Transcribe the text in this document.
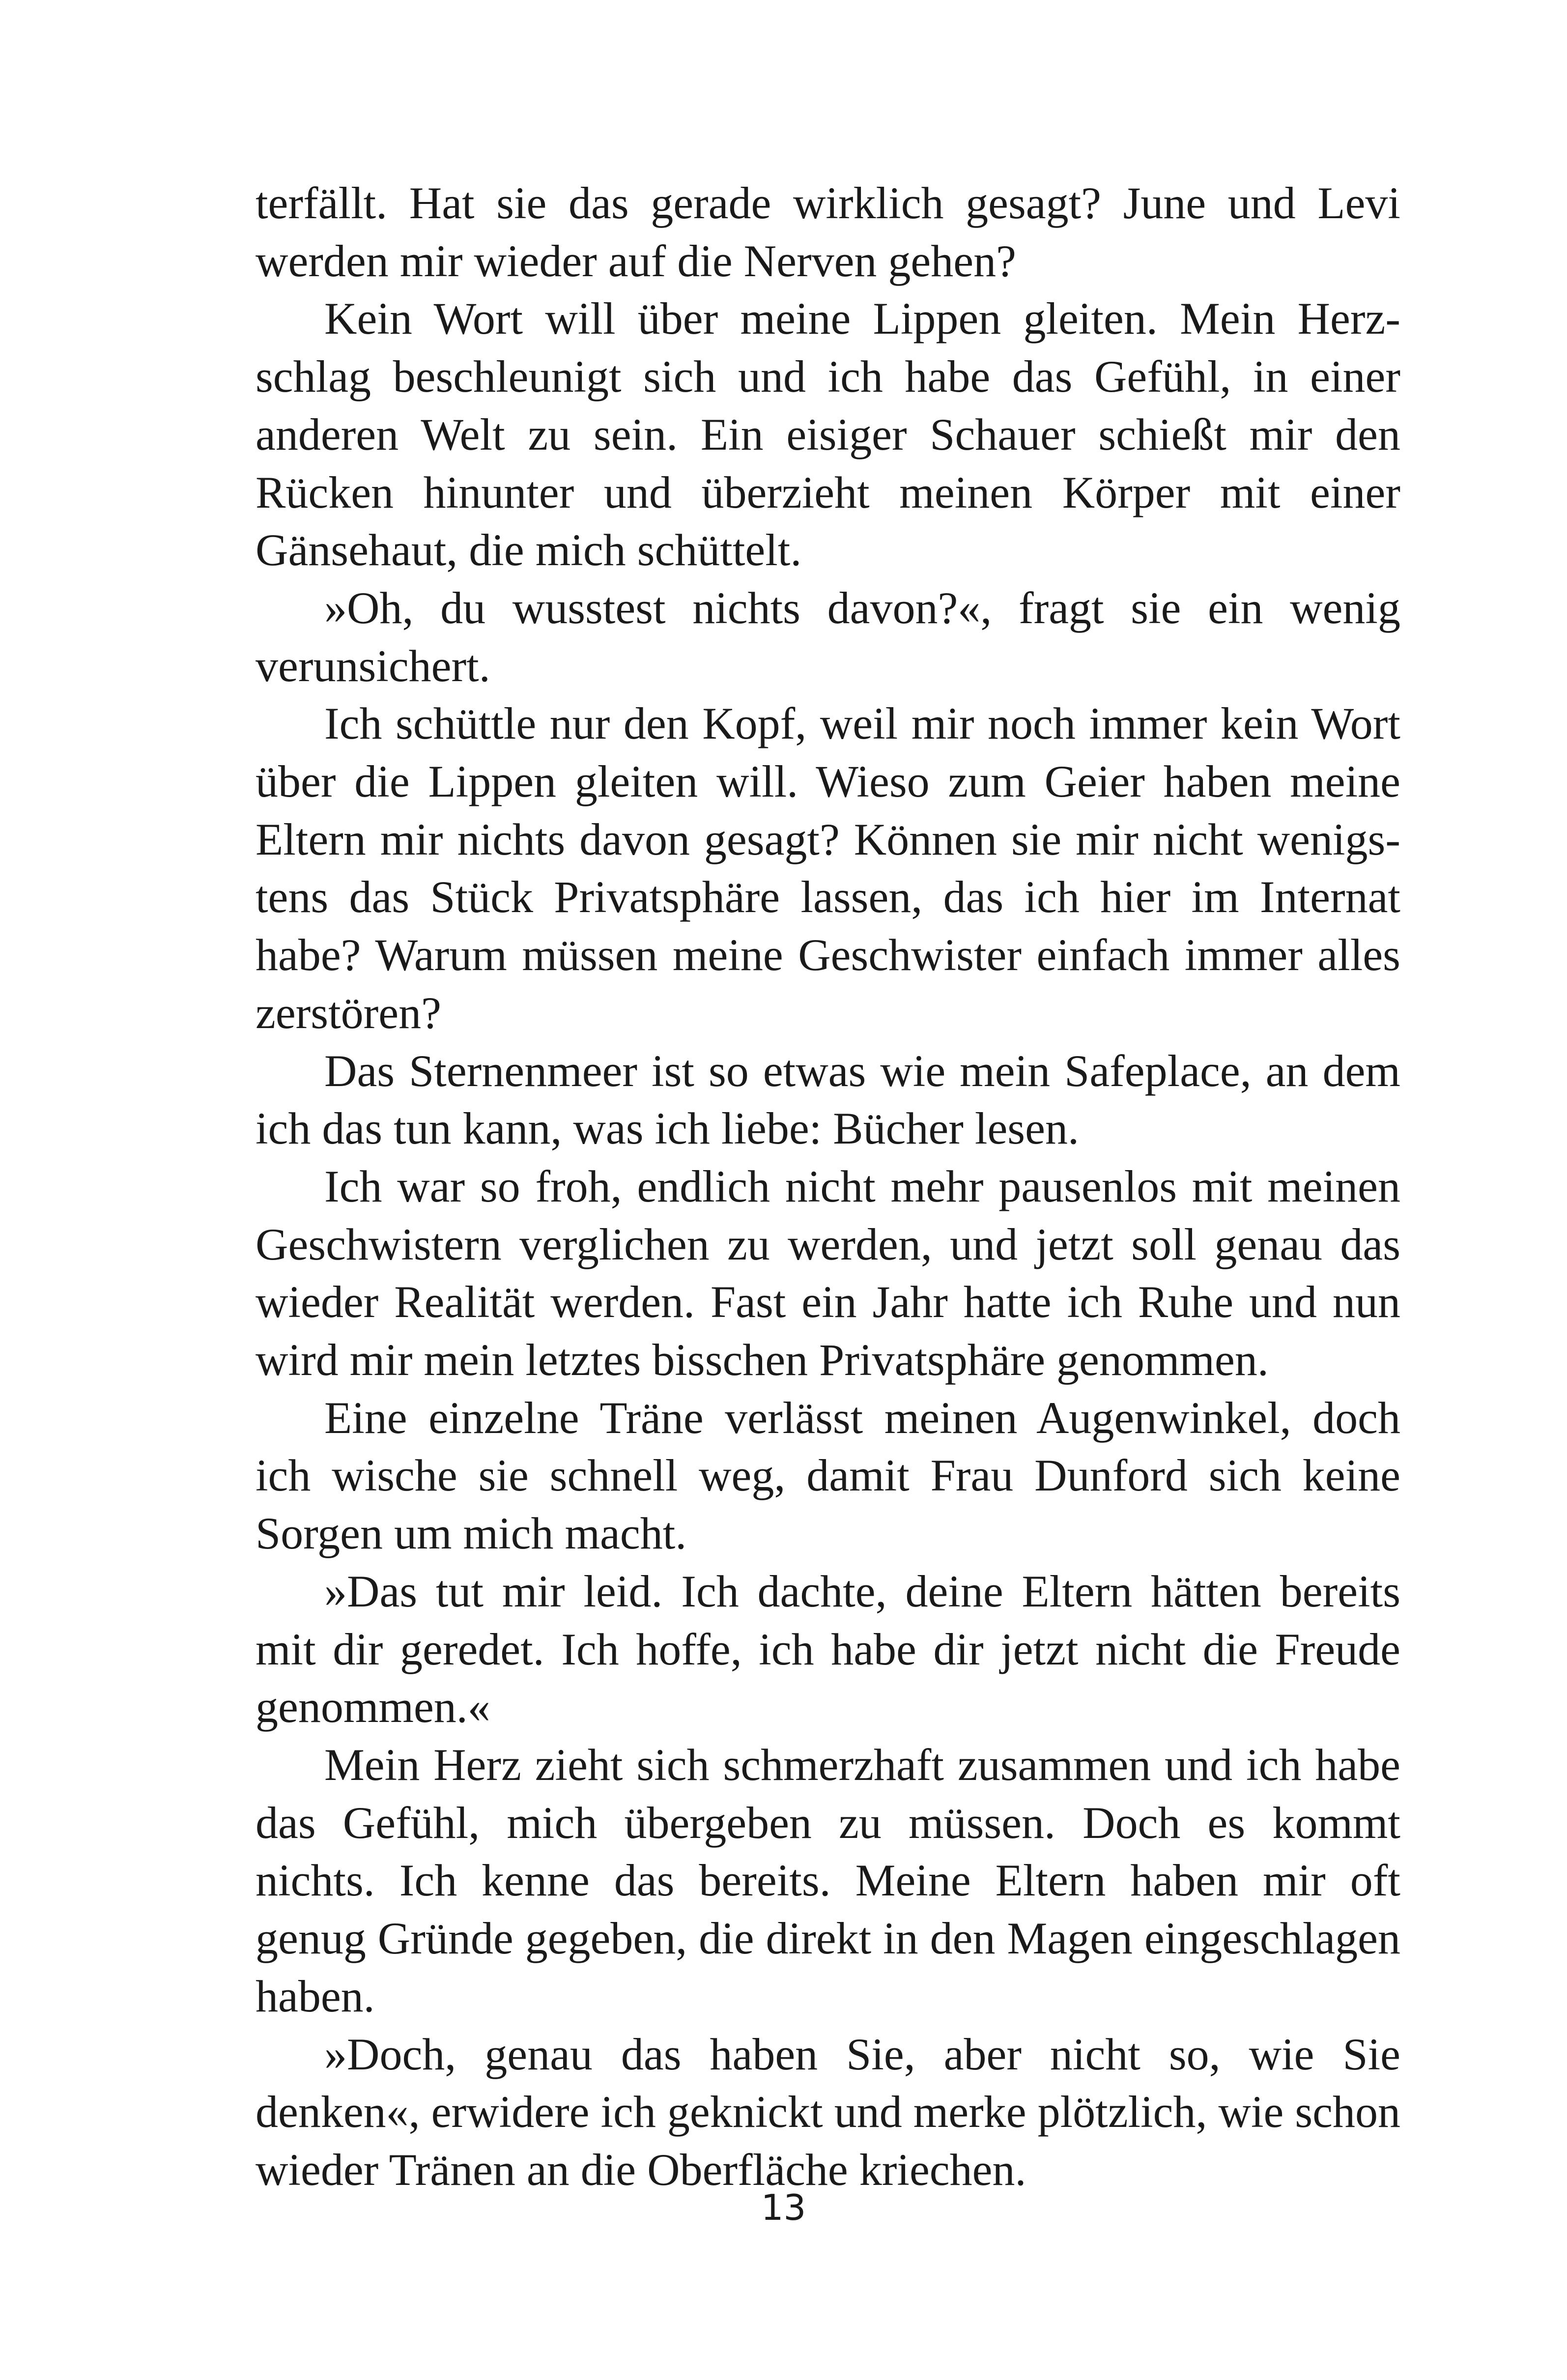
terfällt. Hat sie das gerade wirklich gesagt? June und Levi werden mir wieder auf die Nerven gehen?

Kein Wort will über meine Lippen gleiten. Mein Herzschlag beschleunigt sich und ich habe das Gefühl, in einer anderen Welt zu sein. Ein eisiger Schauer schießt mir den Rücken hinunter und überzieht meinen Körper mit einer Gänsehaut, die mich schüttelt.

»Oh, du wusstest nichts davon?«, fragt sie ein wenig verunsichert.

Ich schüttle nur den Kopf, weil mir noch immer kein Wort über die Lippen gleiten will. Wieso zum Geier haben meine Eltern mir nichts davon gesagt? Können sie mir nicht wenigstens das Stück Privatsphäre lassen, das ich hier im Internat habe? Warum müssen meine Geschwister einfach immer alles zerstören?

Das Sternenmeer ist so etwas wie mein Safeplace, an dem ich das tun kann, was ich liebe: Bücher lesen.

Ich war so froh, endlich nicht mehr pausenlos mit meinen Geschwistern verglichen zu werden, und jetzt soll genau das wieder Realität werden. Fast ein Jahr hatte ich Ruhe und nun wird mir mein letztes bisschen Privatsphäre genommen.

Eine einzelne Träne verlässt meinen Augenwinkel, doch ich wische sie schnell weg, damit Frau Dunford sich keine Sorgen um mich macht.

»Das tut mir leid. Ich dachte, deine Eltern hätten bereits mit dir geredet. Ich hoffe, ich habe dir jetzt nicht die Freude genommen.«

Mein Herz zieht sich schmerzhaft zusammen und ich habe das Gefühl, mich übergeben zu müssen. Doch es kommt nichts. Ich kenne das bereits. Meine Eltern haben mir oft genug Gründe gegeben, die direkt in den Magen eingeschlagen haben.

»Doch, genau das haben Sie, aber nicht so, wie Sie denken«, erwidere ich geknickt und merke plötzlich, wie schon wieder Tränen an die Oberfläche kriechen.

13
